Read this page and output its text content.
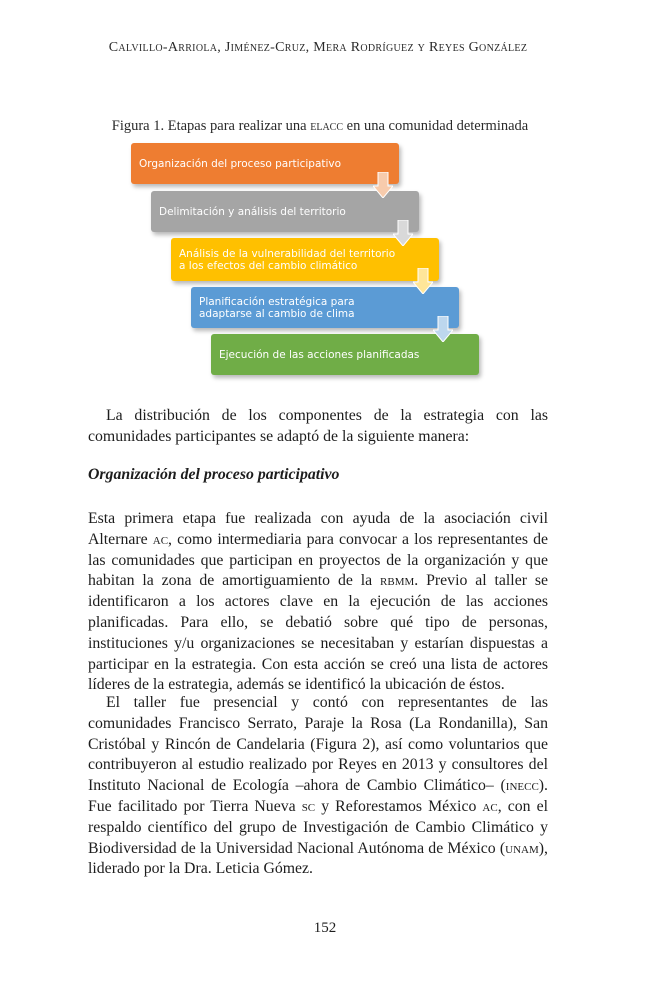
Calvillo-Arriola, Jiménez-Cruz, Mera Rodríguez y Reyes González
Figura 1. Etapas para realizar una elacc en una comunidad determinada
Organización del proceso participativo
Delimitación y análisis del territorio
Análisis de la vulnerabilidad del territorio a los efectos del cambio climático
Planificación estratégica para adaptarse al cambio de clima
Ejecución de las acciones planificadas

La distribución de los componentes de la estrategia con las comunidades participantes se adaptó de la siguiente manera:

Organización del proceso participativo

Esta primera etapa fue realizada con ayuda de la asociación civil Alternare ac, como intermediaria para convocar a los representantes de las comunidades que participan en proyectos de la organización y que habitan la zona de amortiguamiento de la rbmm. Previo al taller se identificaron a los actores clave en la ejecución de las acciones planificadas. Para ello, se debatió sobre qué tipo de personas, instituciones y/u organizaciones se necesitaban y estarían dispuestas a participar en la estrategia. Con esta acción se creó una lista de actores líderes de la estrategia, además se identificó la ubicación de éstos.

El taller fue presencial y contó con representantes de las comunidades Francisco Serrato, Paraje la Rosa (La Rondanilla), San Cristóbal y Rincón de Candelaria (Figura 2), así como voluntarios que contribuyeron al estudio realizado por Reyes en 2013 y consultores del Instituto Nacional de Ecología –ahora de Cambio Climático– (inecc). Fue facilitado por Tierra Nueva sc y Reforestamos México ac, con el respaldo científico del grupo de Investigación de Cambio Climático y Biodiversidad de la Universidad Nacional Autónoma de México (unam), liderado por la Dra. Leticia Gómez.

152
